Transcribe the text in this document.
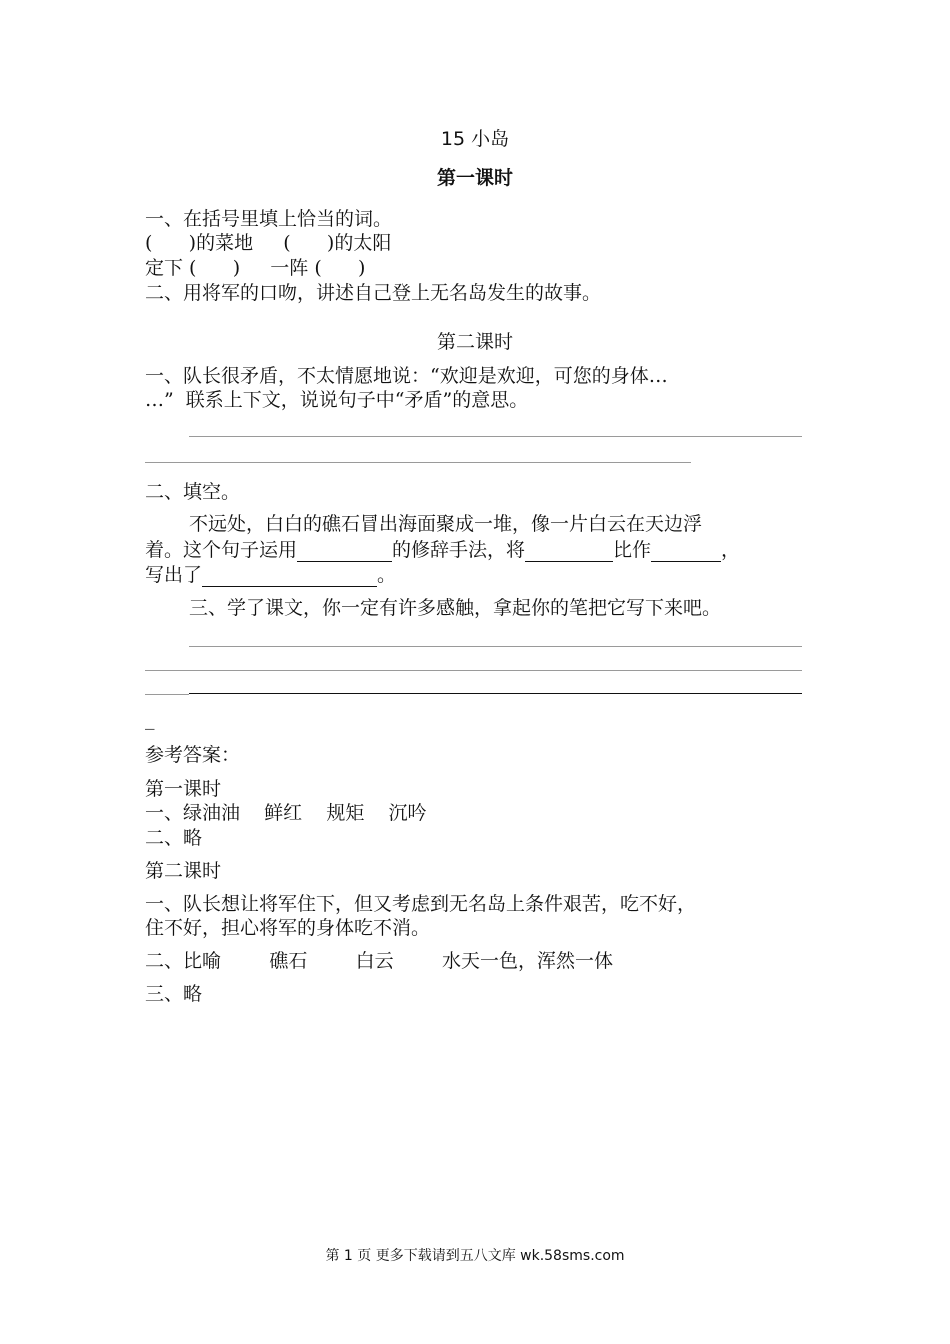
15 小岛
第一课时
一、在括号里填上恰当的词。
(      )的菜地     (      )的太阳
定下 (      )     一阵 (      )
二、用将军的口吻，讲述自己登上无名岛发生的故事。
第二课时
一、队长很矛盾，不太情愿地说：“欢迎是欢迎，可您的身体…
…”  联系上下文，说说句子中“矛盾”的意思。
二、填空。
不远处，白白的礁石冒出海面聚成一堆，像一片白云在天边浮
着。这个句子运用	的修辞手法，将	比作	，
写出了	。
三、学了课文，你一定有许多感触，拿起你的笔把它写下来吧。
_
参考答案：
第一课时
一、绿油油    鲜红    规矩    沉吟
二、略
第二课时
一、队长想让将军住下，但又考虑到无名岛上条件艰苦，吃不好，
住不好，担心将军的身体吃不消。
二、比喻        礁石        白云        水天一色，浑然一体
三、略
第 1 页 更多下载请到五八文库 wk.58sms.com
